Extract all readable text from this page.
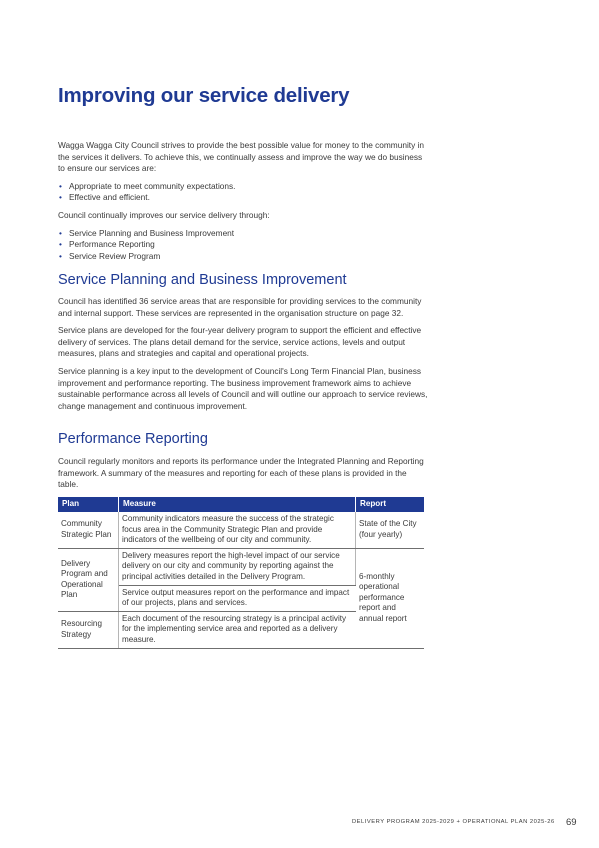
Improving our service delivery

Wagga Wagga City Council strives to provide the best possible value for money to the community in the services it delivers. To achieve this, we continually assess and improve the way we do business to ensure our services are:

• Appropriate to meet community expectations.
• Effective and efficient.

Council continually improves our service delivery through:

• Service Planning and Business Improvement
• Performance Reporting
• Service Review Program
Service Planning and Business Improvement

Council has identified 36 service areas that are responsible for providing services to the community and internal support. These services are represented in the organisation structure on page 32.

Service plans are developed for the four-year delivery program to support the efficient and effective delivery of services. The plans detail demand for the service, service actions, levels and output measures, plans and strategies and capital and operational projects.

Service planning is a key input to the development of Council's Long Term Financial Plan, business improvement and performance reporting. The business improvement framework aims to achieve sustainable performance across all levels of Council and will outline our approach to service reviews, change management and continuous improvement.

Performance Reporting

Council regularly monitors and reports its performance under the Integrated Planning and Reporting framework. A summary of the measures and reporting for each of these plans is provided in the table.

Plan	Measure	Report
Community Strategic Plan	Community indicators measure the success of the strategic focus area in the Community Strategic Plan and provide indicators of the wellbeing of our city and community.	State of the City (four yearly)
Delivery Program and Operational Plan	Delivery measures report the high-level impact of our service delivery on our city and community by reporting against the principal activities detailed in the Delivery Program.	6-monthly operational performance report and annual report
	Service output measures report on the performance and impact of our projects, plans and services.	
Resourcing Strategy	Each document of the resourcing strategy is a principal activity for the implementing service area and reported as a delivery measure.	
DELIVERY PROGRAM 2025-2029 + OPERATIONAL PLAN 2025-26 69
